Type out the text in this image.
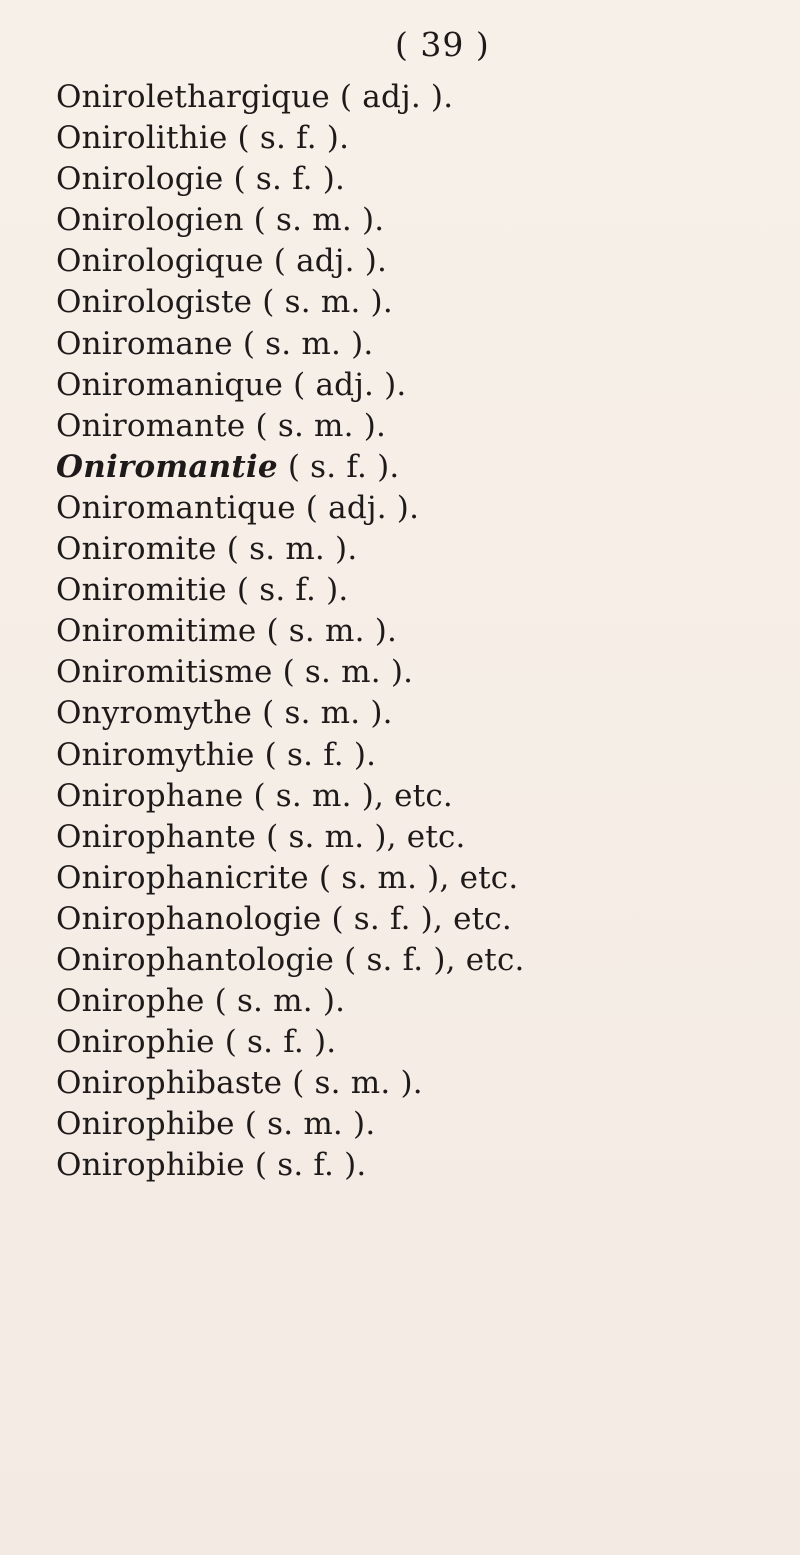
( 39 )
Onirolethargique ( adj. ).
Onirolithie ( s. f. ).
Onirologie ( s. f. ).
Onirologien ( s. m. ).
Onirologique ( adj. ).
Onirologiste ( s. m. ).
Oniromane ( s. m. ).
Oniromanique ( adj. ).
Oniromante ( s. m. ).
Oniromantie ( s. f. ).
Oniromantique ( adj. ).
Oniromite ( s. m. ).
Oniromitie ( s. f. ).
Oniromitime ( s. m. ).
Oniromitisme ( s. m. ).
Onyromythe ( s. m. ).
Oniromythie ( s. f. ).
Onirophane ( s. m. ), etc.
Onirophante ( s. m. ), etc.
Onirophanicrite ( s. m. ), etc.
Onirophanologie ( s. f. ), etc.
Onirophantologie ( s. f. ), etc.
Onirophe ( s. m. ).
Onirophie ( s. f. ).
Onirophibaste ( s. m. ).
Onirophibe ( s. m. ).
Onirophibie ( s. f. ).
